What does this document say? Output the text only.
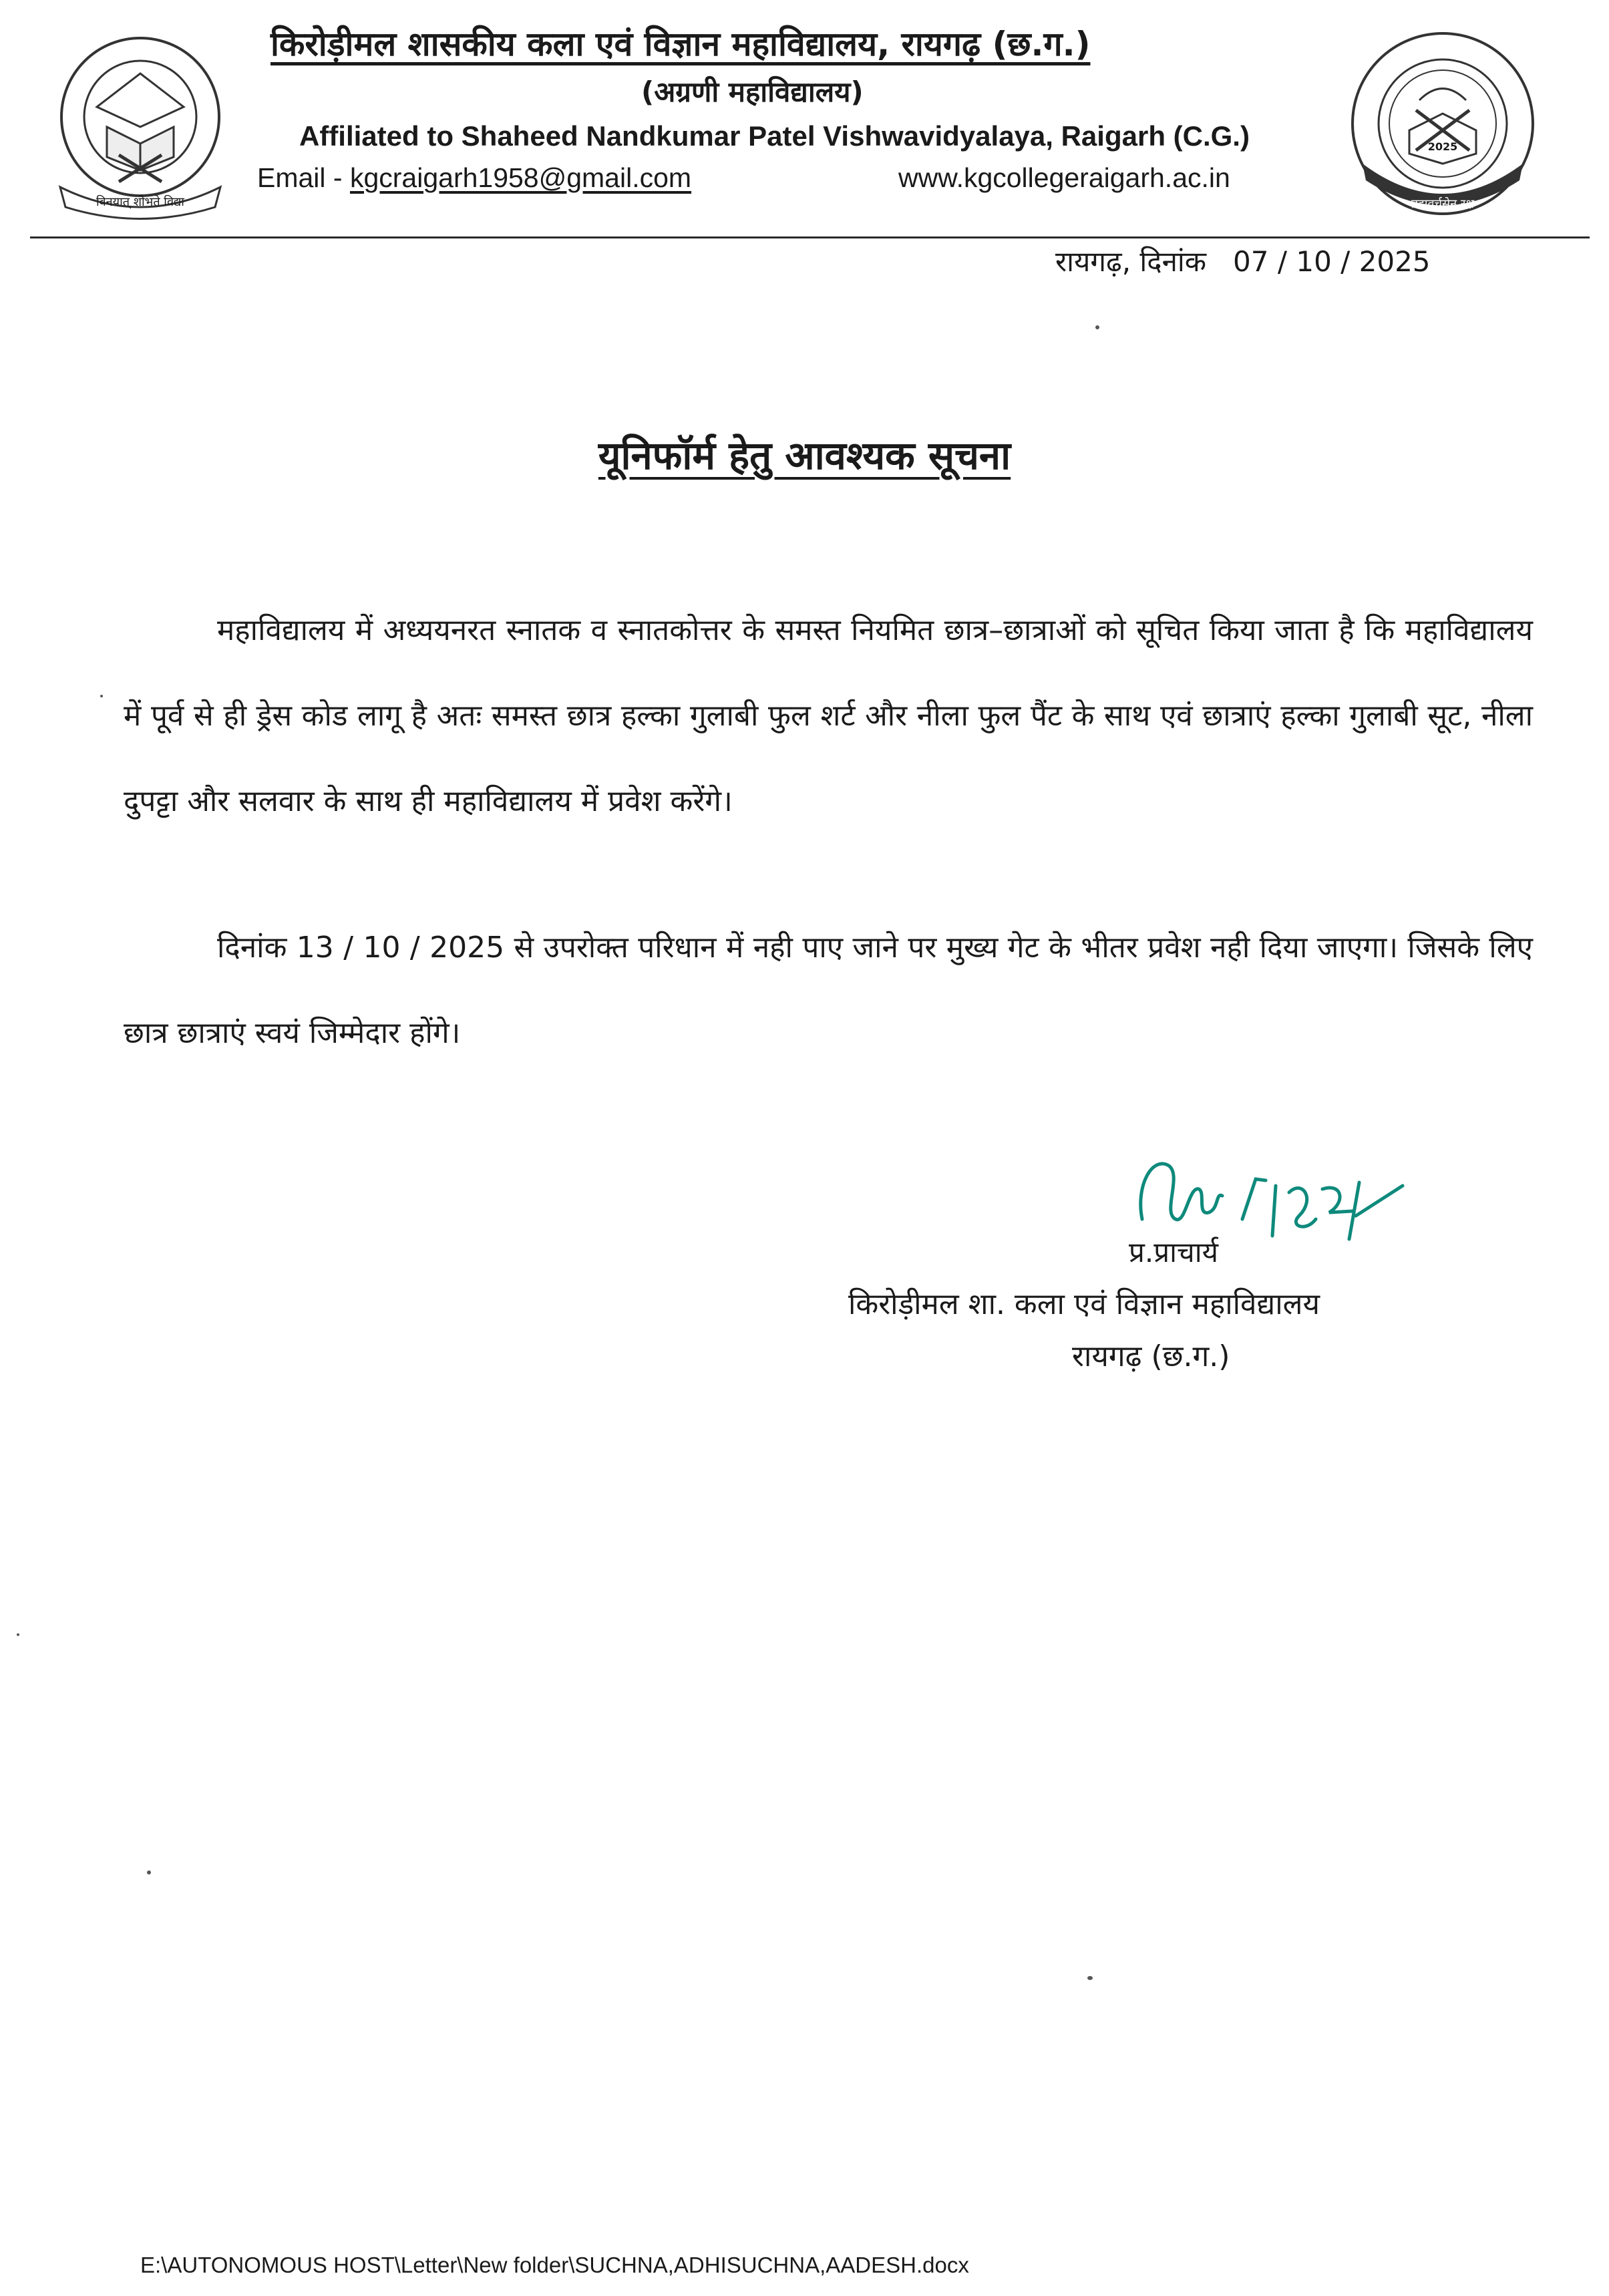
विनयात् शोभते विद्या
2025
ब्रह्मवर्चसेन रक्ष
किरोड़ीमल शासकीय कला एवं विज्ञान महाविद्यालय, रायगढ़ (छ.ग.)
(अग्रणी महाविद्यालय)
Affiliated to Shaheed Nandkumar Patel Vishwavidyalaya, Raigarh (C.G.)
Email - kgcraigarh1958@gmail.com	www.kgcollegeraigarh.ac.in
रायगढ़, दिनांक 07 / 10 / 2025
यूनिफॉर्म हेतु आवश्यक सूचना
महाविद्यालय में अध्ययनरत स्नातक व स्नातकोत्तर के समस्त नियमित छात्र–छात्राओं को सूचित किया जाता है कि महाविद्यालय में पूर्व से ही ड्रेस कोड लागू है अतः समस्त छात्र हल्का गुलाबी फुल शर्ट और नीला फुल पैंट के साथ एवं छात्राएं हल्का गुलाबी सूट, नीला दुपट्टा और सलवार के साथ ही महाविद्यालय में प्रवेश करेंगे।
दिनांक 13 / 10 / 2025 से उपरोक्त परिधान में नही पाए जाने पर मुख्य गेट के भीतर प्रवेश नही दिया जाएगा। जिसके लिए छात्र छात्राएं स्वयं जिम्मेदार होंगे।
प्र.प्राचार्य
किरोड़ीमल शा. कला एवं विज्ञान महाविद्यालय
रायगढ़ (छ.ग.)
E:\AUTONOMOUS HOST\Letter\New folder\SUCHNA,ADHISUCHNA,AADESH.docx
